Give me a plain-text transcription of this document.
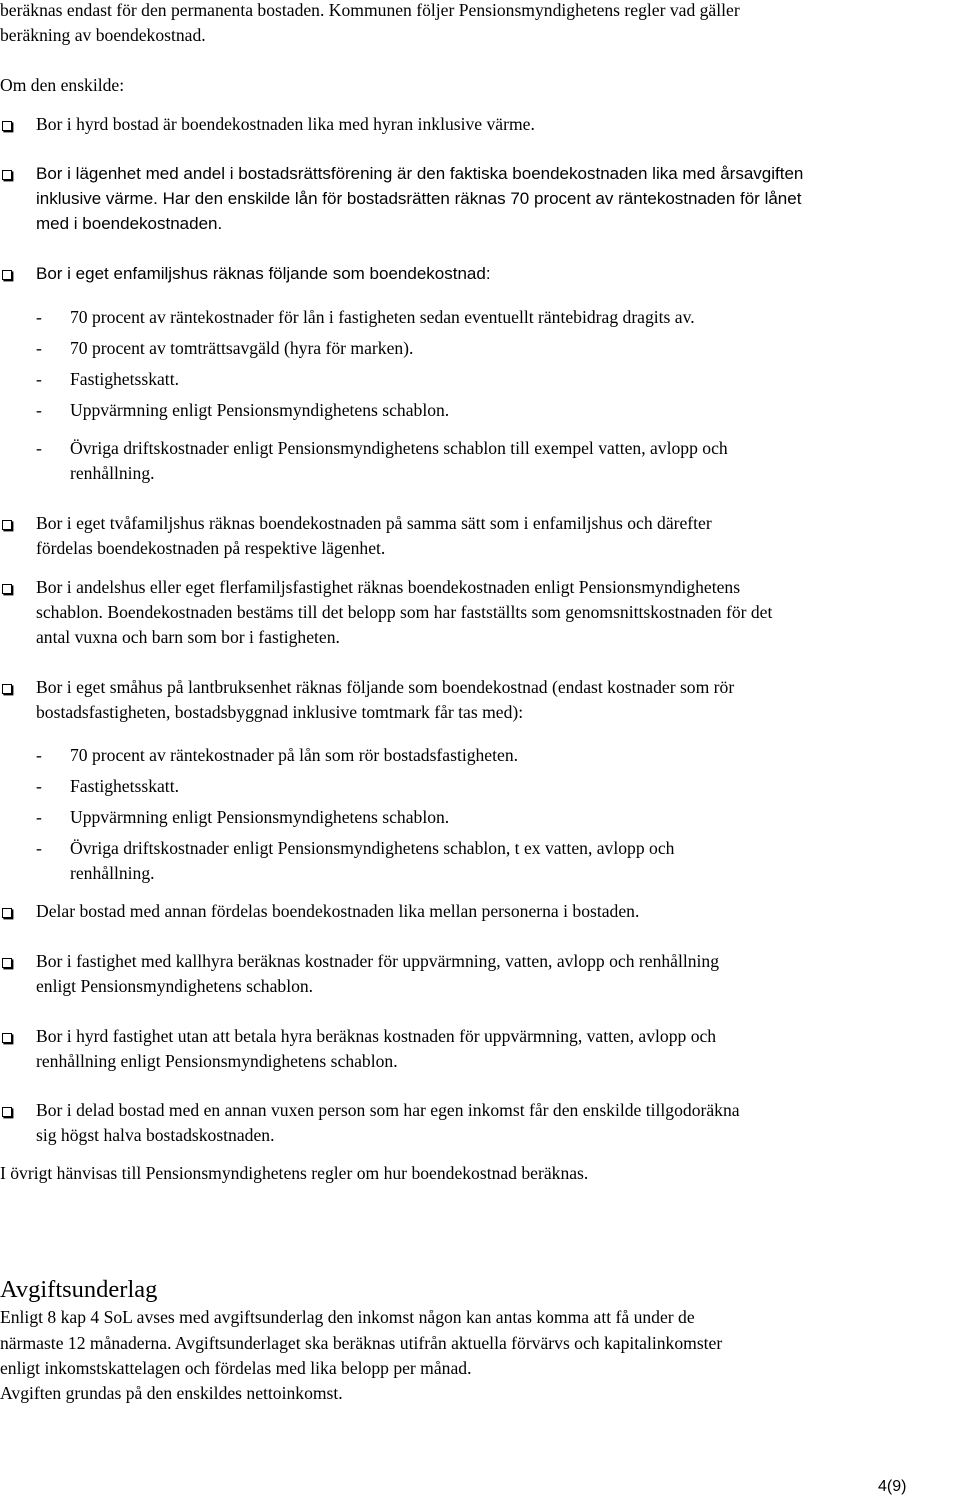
beräknas endast för den permanenta bostaden. Kommunen följer Pensionsmyndighetens regler vad gäller

beräkning av boendekostnad.

Om den enskilde:

Bor i hyrd bostad är boendekostnaden lika med hyran inklusive värme.

Bor i lägenhet med andel i bostadsrättsförening är den faktiska boendekostnaden lika med årsavgiften

inklusive värme. Har den enskilde lån för bostadsrätten räknas 70 procent av räntekostnaden för lånet

med i boendekostnaden.

Bor i eget enfamiljshus räknas följande som boendekostnad:

- 70 procent av räntekostnader för lån i fastigheten sedan eventuellt räntebidrag dragits av.

- 70 procent av tomträttsavgäld (hyra för marken).

- Fastighetsskatt.

- Uppvärmning enligt Pensionsmyndighetens schablon.

- Övriga driftskostnader enligt Pensionsmyndighetens schablon till exempel vatten, avlopp och

renhållning.

Bor i eget tvåfamiljshus räknas boendekostnaden på samma sätt som i enfamiljshus och därefter

fördelas boendekostnaden på respektive lägenhet.

Bor i andelshus eller eget flerfamiljsfastighet räknas boendekostnaden enligt Pensionsmyndighetens

schablon. Boendekostnaden bestäms till det belopp som har fastställts som genomsnittskostnaden för det

antal vuxna och barn som bor i fastigheten.

Bor i eget småhus på lantbruksenhet räknas följande som boendekostnad (endast kostnader som rör

bostadsfastigheten, bostadsbyggnad inklusive tomtmark får tas med):

- 70 procent av räntekostnader på lån som rör bostadsfastigheten.

- Fastighetsskatt.

- Uppvärmning enligt Pensionsmyndighetens schablon.

- Övriga driftskostnader enligt Pensionsmyndighetens schablon, t ex vatten, avlopp och

renhållning.

Delar bostad med annan fördelas boendekostnaden lika mellan personerna i bostaden.

Bor i fastighet med kallhyra beräknas kostnader för uppvärmning, vatten, avlopp och renhållning

enligt Pensionsmyndighetens schablon.

Bor i hyrd fastighet utan att betala hyra beräknas kostnaden för uppvärmning, vatten, avlopp och

renhållning enligt Pensionsmyndighetens schablon.

Bor i delad bostad med en annan vuxen person som har egen inkomst får den enskilde tillgodoräkna

sig högst halva bostadskostnaden.

I övrigt hänvisas till Pensionsmyndighetens regler om hur boendekostnad beräknas.

Avgiftsunderlag

Enligt 8 kap 4 SoL avses med avgiftsunderlag den inkomst någon kan antas komma att få under de

närmaste 12 månaderna. Avgiftsunderlaget ska beräknas utifrån aktuella förvärvs och kapitalinkomster

enligt inkomstskattelagen och fördelas med lika belopp per månad.

Avgiften grundas på den enskildes nettoinkomst.

4(9)
